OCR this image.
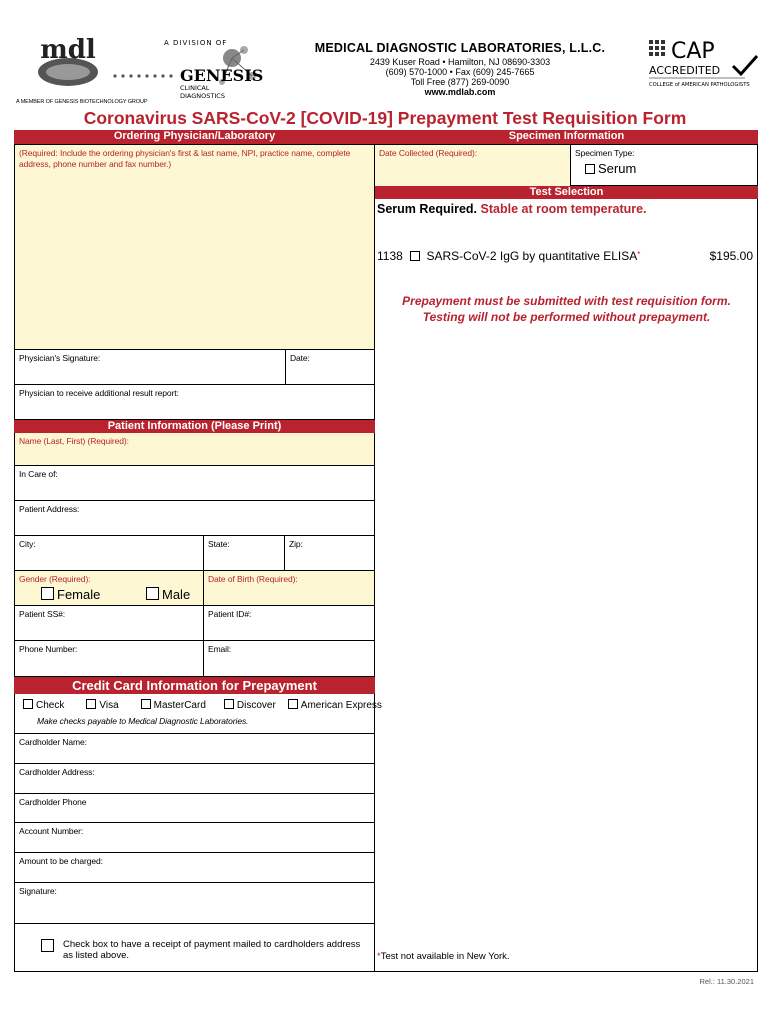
mdl	A DIVISION OF
GENESIS
CLINICAL
DIAGNOSTICS
A MEMBER OF GENESIS BIOTECHNOLOGY GROUP
MEDICAL DIAGNOSTIC LABORATORIES, L.L.C.
2439 Kuser Road • Hamilton, NJ 08690-3303
(609) 570-1000 • Fax (609) 245-7665
Toll Free (877) 269-0090
www.mdlab.com
CAP
ACCREDITED
COLLEGE of AMERICAN PATHOLOGISTS
Coronavirus SARS-CoV-2 [COVID-19] Prepayment Test Requisition Form
Ordering Physician/Laboratory
(Required: Include the ordering physician's first & last name, NPI, practice name, complete address, phone number and fax number.)
Physician's Signature:	Date:
Physician to receive additional result report:
Patient Information (Please Print)
Name (Last, First) (Required):
In Care of:
Patient Address:
City:	State:	Zip:
Gender (Required):
Female	Male
Date of Birth (Required):
Patient SS#:	Patient ID#:
Phone Number:	Email:
Credit Card Information for Prepayment
Check	Visa	MasterCard	Discover	American Express
Make checks payable to Medical Diagnostic Laboratories.
Cardholder Name:
Cardholder Address:
Cardholder Phone
Account Number:
Amount to be charged:
Signature:
Check box to have a receipt of payment mailed to cardholders address
as listed above.
Specimen Information
Date Collected (Required):	Specimen Type:
Serum
Test Selection
Serum Required. Stable at room temperature.
1138 SARS-CoV-2 IgG by quantitative ELISA*	$195.00
Prepayment must be submitted with test requisition form.
Testing will not be performed without prepayment.
*Test not available in New York.
Rel.: 11.30.2021
